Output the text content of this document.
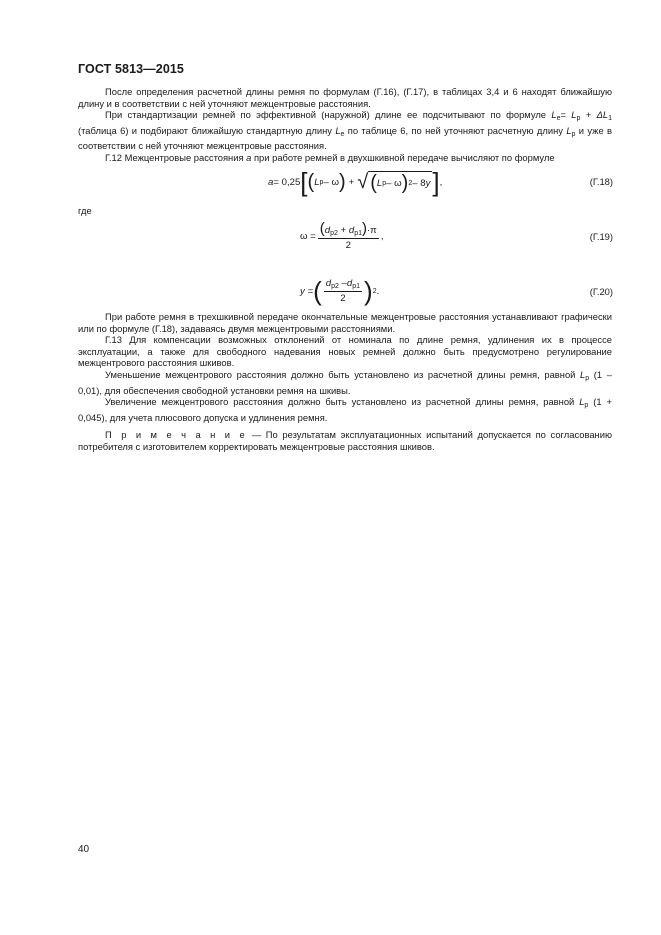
ГОСТ 5813—2015

После определения расчетной длины ремня по формулам (Г.16), (Г.17), в таблицах 3,4 и 6 находят ближайшую длину и в соответствии с ней уточняют межцентровые расстояния.

При стандартизации ремней по эффективной (наружной) длине ее подсчитывают по формуле $L_e= L_p + \Delta L_1$ (таблица 6) и подбирают ближайшую стандартную длину $L_e$ по таблице 6, по ней уточняют расчетную длину $L_p$ и уже в соответствии с ней уточняют межцентровые расстояния.

Г.12 Межцентровые расстояния a при работе ремней в двухшкивной передаче вычисляют по формуле

a = 0,25 [ ( L p – ω ) + √ ( L p – ω ) 2 – 8 y ] ,	(Г.18)

где

$\omega = \frac{(d_{p2} + d_{p1})\cdot\pi}{2}$ ,	(Г.19)
y = ( $\frac{d_{p2} -d_{p1}}{2}$ ) 2 .	(Г.20)

При работе ремня в трехшкивной передаче окончательные межцентровые расстояния устанавливают графически или по формуле (Г.18), задаваясь двумя межцентровыми расстояниями.

Г.13 Для компенсации возможных отклонений от номинала по длине ремня, удлинения их в процессе эксплуатации, а также для свободного надевания новых ремней должно быть предусмотрено регулирование межцентрового расстояния шкивов.

Уменьшение межцентрового расстояния должно быть установлено из расчетной длины ремня, равной $L_p$ (1 – 0,01), для обеспечения свободной установки ремня на шкивы.

Увеличение межцентрового расстояния должно быть установлено из расчетной длины ремня, равной $L_p$ (1 + 0,045), для учета плюсового допуска и удлинения ремня.

П р и м е ч а н и е — По результатам эксплуатационных испытаний допускается по согласованию потребителя с изготовителем корректировать межцентровые расстояния шкивов.

40
